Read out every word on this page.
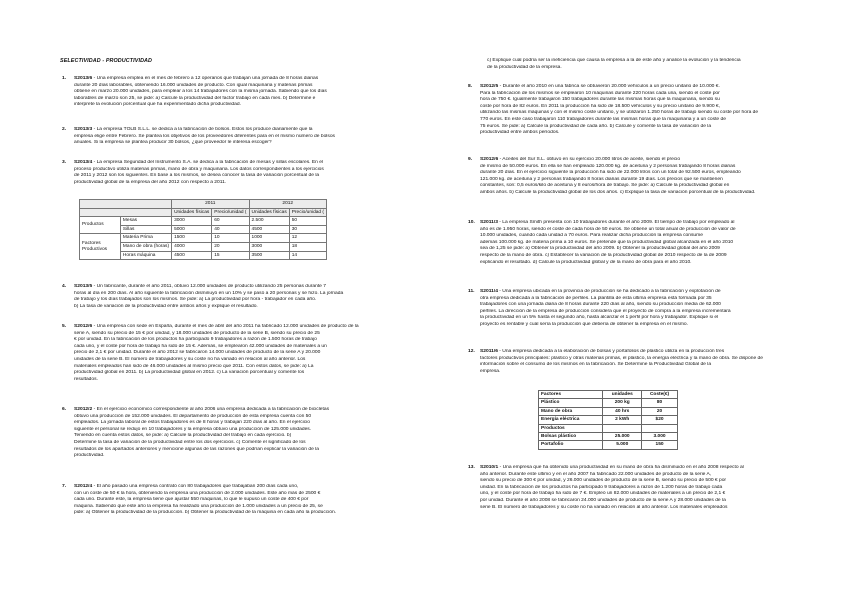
SELECTIVIDAD - PRODUCTIVIDAD
1. S2013/6 - Una empresa emplea en el mes de febrero a 12 operarios que trabajan una jornada de 8 horas diarias
durante 20 días laborables, obteniendo 16.000 unidades de producto. Con igual maquinaria y materias primas
obtiene en marzo 20.000 unidades, para emplear a los 14 trabajadores con la misma jornada. Sabiendo que los días
laborables de marzo son 25, se pide: a) Calcule la productividad del factor trabajo en cada mes. b) Determine e
interprete la evolución porcentual que ha experimentado dicha productividad.
2. S2013/3 - La empresa TOLB S.L.L. se dedica a la fabricación de bolsos. Estos los produce diariamente que la
empresa elige entre Febrero. Se plantea los objetivos de los proveedores diferentes para en el mismo número de bolsos
anuales. Si la empresa se plantea producir 30 bolsos, ¿qué proveedor le interesa escoger?
3. S2013/4 - La empresa Seguridad del Instrumento S.A. se dedica a la fabricación de mesas y sillas escolares. En el
proceso productivo utiliza materias primas, mano de obra y maquinaria. Los datos correspondientes a los ejercicios
de 2011 y 2012 son los siguientes. En base a los mismos, se desea conocer la tasa de variación porcentual de la
productividad global de la empresa del año 2012 con respecto a 2011.
4. S2013/5 - Un fabricante, durante el año 2011, obtuvo 12.000 unidades de producto utilizando 25 personas durante 7
horas al día en 200 días. Al año siguiente la fabricación disminuyó en un 10% y se pasó a 20 personas y se hizo. La jornada
de trabajo y los días trabajados son los mismos. Se pide: a) La productividad por hora - trabajador en cada año.
b) La tasa de variación de la productividad entre ambos años y explique el resultado.
5. S2012/6 - Una empresa con sede en España, durante el mes de abril del año 2011 ha fabricado 12.000 unidades de producto de la
serie A, siendo su precio de 15 € por unidad, y 18.000 unidades de producto de la serie B, siendo su precio de 25
€ por unidad. En la fabricación de los productos ha participado 9 trabajadores a razón de 1.500 horas de trabajo
cada uno, y el coste por hora de trabajo ha sido de 15 €. Además, se emplearon 42.000 unidades de materiales a un
precio de 2,1 € por unidad. Durante el año 2012 se fabricaron 14.000 unidades de producto de la serie A y 20.000
unidades de la serie B. El número de trabajadores y su coste no ha variado en relación al año anterior. Los
materiales empleados han sido de 46.000 unidades al mismo precio que 2011. Con estos datos, se pide: a) La
productividad global en 2011. b) La productividad global en 2012. c) La variación porcentual y comente los
resultados.
6. S2012/2 - En el ejercicio económico correspondiente al año 2006 una empresa dedicada a la fabricación de bicicletas
obtuvo una producción de 152.000 unidades. El departamento de producción de esta empresa cuenta con 50
empleados. La jornada laboral de estos trabajadores es de 8 horas y trabajan 220 días al año. En el ejercicio
siguiente el personal se redujo en 10 trabajadores y la empresa obtuvo una producción de 125.000 unidades.
Teniendo en cuenta estos datos, se pide: a) Calcule la productividad del trabajo en cada ejercicio. b)
Determine la tasa de variación de la productividad entre los dos ejercicios. c) Comente el significado de los
resultados de los apartados anteriores y mencione algunas de las razones que podrían explicar la variación de la
productividad.
7. S2012/4 - El año pasado una empresa contrató con 80 trabajadores que trabajaban 200 días cada uno,
con un coste de 50 € la hora, obteniendo la empresa una producción de 2.000 unidades. Este año más de 2500 €
cada uno. Durante este, la empresa tiene que ajustar 550 máquinas, lo que le supuso un coste de 400 € por
máquina. Sabiendo que este año la empresa ha realizado una producción de 1.000 unidades a un precio de 25, se
pide: a) Obtener la productividad de la producción. b) Obtener la productividad de la máquina en cada año la producción.
c) Explique cuál podría ser la ineficiencia que causa la empresa a la de este año y analice la evolución y la tendencia
de la productividad de la empresa.
8. S2012/5 - Durante el año 2010 en una fábrica se obtuvieron 20.000 vehículos a un precio unitario de 10.000 €.
Para la fabricación de los mismos se emplearon 10 máquinas durante 220 horas cada una, siendo el coste por
hora de 750 €. Igualmente trabajaron 150 trabajadores durante las mismas horas que la maquinaria, siendo su
coste por hora de 82 euros. En 2011 la producción ha sido de 18.500 vehículos y su precio unitario de 9.900 €,
utilizando las mismas máquinas y con el mismo coste unitario, y se utilizaron 1.250 horas de trabajo siendo su coste por hora de
770 euros. En este caso trabajaron 110 trabajadores durante las mismas horas que la maquinaria y a un coste de
75 euros. Se pide: a) Calcule la productividad de cada año. b) Calcule y comente la tasa de variación de la
productividad entre ambos períodos.
9. S2012/6 - Aceites del Sur S.L. obtuvo en su ejercicio 20.000 litros de aceite, siendo el precio
de mismo de 50.000 euros. En ella se han empleado 120.000 kg. de aceituna y 2 personas trabajando 8 horas diarias
durante 20 días. En el ejercicio siguiente la producción ha sido de 22.000 litros con un total de 92.500 euros, empleando
121.000 kg. de aceituna y 2 personas trabajando 8 horas diarias durante 19 días. Los precios que se mantienen
constantes, son: 0,5 euros/kilo de aceituna y 8 euros/hora de trabajo. Se pide: a) Calcule la productividad global en
ambos años. b) Calcule la productividad global de los dos años. c) Explique la tasa de variación porcentual de la productividad.
10. S2011/3 - La empresa Smith presenta con 10 trabajadores durante el año 2009. El tiempo de trabajo por empleado al
año es de 1.950 horas, siendo el coste de cada hora de 50 euros. Se obtiene un total anual de producción de valor de
10.000 unidades, cuando cada unidad a 70 euros. Para realizar dicha producción la empresa consume
además 100.000 kg. de materia prima a 10 euros. Se pretende que la productividad global alcanzada en el año 2010
sea de 1,25 se pide: a) Obtener la productividad del año 2009. b) Obtener la productividad global del año 2009
respecto de la mano de obra. c) Establecer la variación de la productividad global de 2010 respecto de la de 2009
explicando el resultado. d) Calcule la productividad global y de la mano de obra para el año 2010.
11. S2011/4 - Una empresa ubicada en la provincia de producción se ha dedicado a la fabricación y explotación de
otra empresa dedicada a la fabricación de perfiles. La plantilla de esta última empresa está formada por 35
trabajadores con una jornada diaria de 8 horas durante 220 días al año, siendo su producción media de 62.000
perfiles. La dirección de la empresa de producción considera que el proyecto de compra a la empresa incrementará
la productividad en un 5% hasta el segundo año, hasta alcanzar el 1 perfil por hora y trabajador. Explique si el
proyecto es rentable y cuál sería la producción que debería de obtener la empresa en el mismo.
12. S2011/6 - Una empresa dedicada a la elaboración de bolsas y portafolios de plástico utiliza en la producción tres
factores productivos principales: plástico y otras materias primas, el plástico, la energía eléctrica y la mano de obra. Se dispone de
información sobre el consumo de los mismos en la fabricación. Se Determine la Productividad Global de la
empresa.
13. S2010/1 - Una empresa que ha obtenido una productividad en su mano de obra ha disminuido en el año 2008 respecto al
año anterior. Durante este último y en el año 2007 ha fabricado 22.000 unidades de producto de la serie A,
siendo su precio de 300 € por unidad, y 26.000 unidades de producto de la serie B, siendo su precio de 500 € por
unidad. En la fabricación de los productos ha participado 9 trabajadores a razón de 1.200 horas de trabajo cada
uno, y el coste por hora de trabajo ha sido de 7 €. Empleó un 82.000 unidades de materiales a un precio de 2,1 €
por unidad. Durante el año 2008 se fabricaron 24.000 unidades de producto de la serie A y 28.000 unidades de la
serie B. El número de trabajadores y su coste no ha variado en relación al año anterior. Los materiales empleados
		2011		2012	
		Unidades físicas	Precio/unidad (	Unidades físicas	Precio/unidad (
Productos	Mesas	3000	60	2.500	50
	Sillas	5000	40	4500	30
Factores Productivos	Materia Prima	1500	10	1000	12
	Mano de obra (horas)	4000	20	3000	18
	Horas máquina	4500	15	3500	14
Factores	unidades	Coste(€)
Plástico	200 kg	80
Mano de obra	40 hrs	20
Energía eléctrica	2 kWh	$20
Productos		
Bolsas plástico	25.000	3.000
Portafolio	5.000	150
